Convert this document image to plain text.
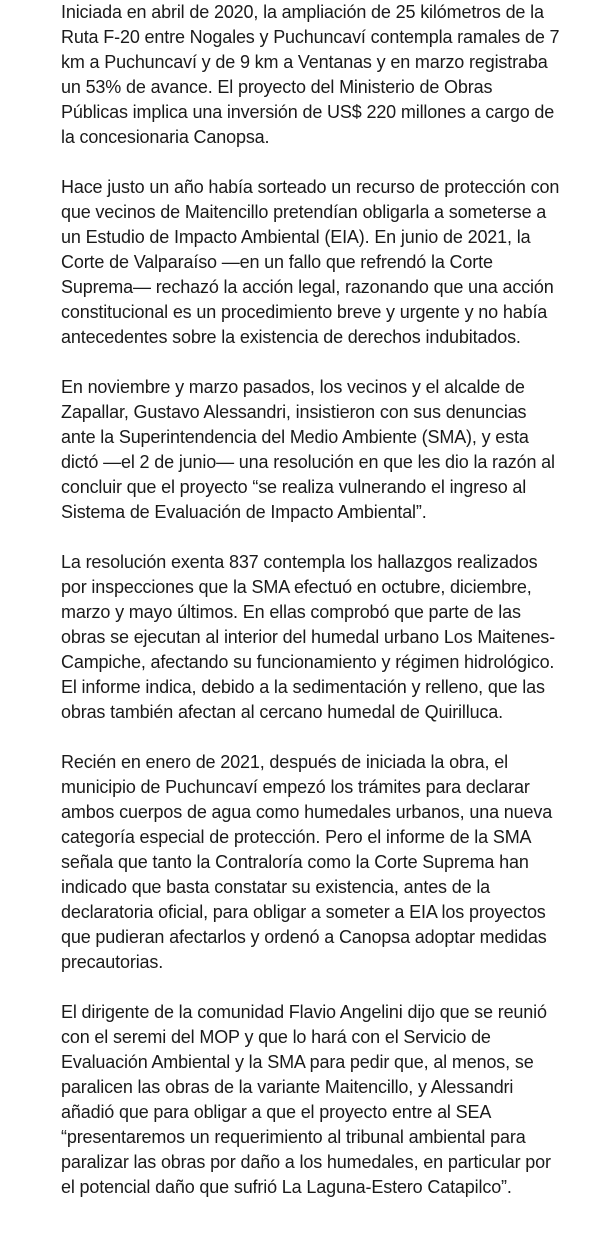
Iniciada en abril de 2020, la ampliación de 25 kilómetros de la Ruta F-20 entre Nogales y Puchuncaví contempla ramales de 7 km a Puchuncaví y de 9 km a Ventanas y en marzo registraba un 53% de avance. El proyecto del Ministerio de Obras Públicas implica una inversión de US$ 220 millones a cargo de la concesionaria Canopsa.

Hace justo un año había sorteado un recurso de protección con que vecinos de Maitencillo pretendían obligarla a someterse a un Estudio de Impacto Ambiental (EIA). En junio de 2021, la Corte de Valparaíso —en un fallo que refrendó la Corte Suprema— rechazó la acción legal, razonando que una acción constitucional es un procedimiento breve y urgente y no había antecedentes sobre la existencia de derechos indubitados.

En noviembre y marzo pasados, los vecinos y el alcalde de Zapallar, Gustavo Alessandri, insistieron con sus denuncias ante la Superintendencia del Medio Ambiente (SMA), y esta dictó —el 2 de junio— una resolución en que les dio la razón al concluir que el proyecto “se realiza vulnerando el ingreso al Sistema de Evaluación de Impacto Ambiental”.

La resolución exenta 837 contempla los hallazgos realizados por inspecciones que la SMA efectuó en octubre, diciembre, marzo y mayo últimos. En ellas comprobó que parte de las obras se ejecutan al interior del humedal urbano Los Maitenes-Campiche, afectando su funcionamiento y régimen hidrológico. El informe indica, debido a la sedimentación y relleno, que las obras también afectan al cercano humedal de Quirilluca.

Recién en enero de 2021, después de iniciada la obra, el municipio de Puchuncaví empezó los trámites para declarar ambos cuerpos de agua como humedales urbanos, una nueva categoría especial de protección. Pero el informe de la SMA señala que tanto la Contraloría como la Corte Suprema han indicado que basta constatar su existencia, antes de la declaratoria oficial, para obligar a someter a EIA los proyectos que pudieran afectarlos y ordenó a Canopsa adoptar medidas precautorias.

El dirigente de la comunidad Flavio Angelini dijo que se reunió con el seremi del MOP y que lo hará con el Servicio de Evaluación Ambiental y la SMA para pedir que, al menos, se paralicen las obras de la variante Maitencillo, y Alessandri añadió que para obligar a que el proyecto entre al SEA “presentaremos un requerimiento al tribunal ambiental para paralizar las obras por daño a los humedales, en particular por el potencial daño que sufrió La Laguna-Estero Catapilco”.
